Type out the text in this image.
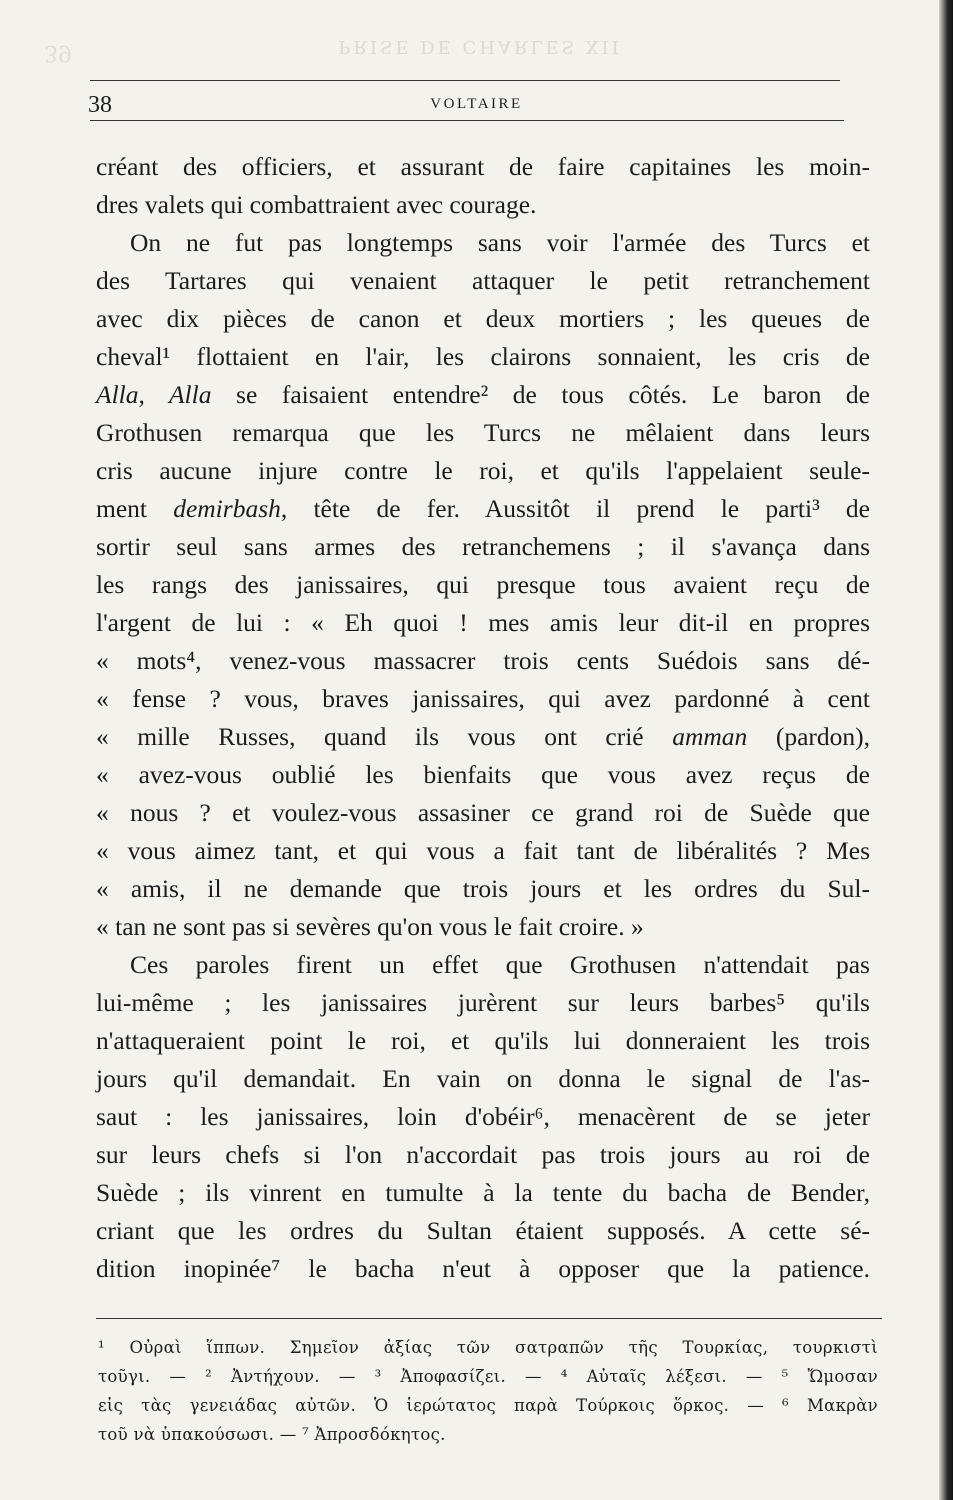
39	PRISE DE CHARLES XII
38	VOLTAIRE

créant des officiers, et assurant de faire capitaines les moin-
dres valets qui combattraient avec courage.

On ne fut pas longtemps sans voir l'armée des Turcs et
des Tartares qui venaient attaquer le petit retranchement
avec dix pièces de canon et deux mortiers ; les queues de
cheval¹ flottaient en l'air, les clairons sonnaient, les cris de
Alla, Alla se faisaient entendre² de tous côtés. Le baron de
Grothusen remarqua que les Turcs ne mêlaient dans leurs
cris aucune injure contre le roi, et qu'ils l'appelaient seule-
ment demirbash, tête de fer. Aussitôt il prend le parti³ de
sortir seul sans armes des retranchemens ; il s'avança dans
les rangs des janissaires, qui presque tous avaient reçu de
l'argent de lui : « Eh quoi ! mes amis leur dit-il en propres
« mots⁴, venez-vous massacrer trois cents Suédois sans dé-
« fense ? vous, braves janissaires, qui avez pardonné à cent
« mille Russes, quand ils vous ont crié amman (pardon),
« avez-vous oublié les bienfaits que vous avez reçus de
« nous ? et voulez-vous assasiner ce grand roi de Suède que
« vous aimez tant, et qui vous a fait tant de libéralités ? Mes
« amis, il ne demande que trois jours et les ordres du Sul-
« tan ne sont pas si sevères qu'on vous le fait croire. »

Ces paroles firent un effet que Grothusen n'attendait pas
lui-même ; les janissaires jurèrent sur leurs barbes⁵ qu'ils
n'attaqueraient point le roi, et qu'ils lui donneraient les trois
jours qu'il demandait. En vain on donna le signal de l'as-
saut : les janissaires, loin d'obéir⁶, menacèrent de se jeter
sur leurs chefs si l'on n'accordait pas trois jours au roi de
Suède ; ils vinrent en tumulte à la tente du bacha de Bender,
criant que les ordres du Sultan étaient supposés. A cette sé-
dition inopinée⁷ le bacha n'eut à opposer que la patience.

¹ Οὐραὶ ἵππων. Σημεῖον ἀξίας τῶν σατραπῶν τῆς Τουρκίας, τουρκιστὶ
τοῦγι. — ² Ἀντήχουν. — ³ Ἀποφασίζει. — ⁴ Αὐταῖς λέξεσι. — ⁵ Ὤμοσαν
εἰς τὰς γενειάδας αὐτῶν. Ὁ ἱερώτατος παρὰ Τούρκοις ὅρκος. — ⁶ Μακρὰν
τοῦ νὰ ὑπακούσωσι. — ⁷ Ἀπροσδόκητος.
